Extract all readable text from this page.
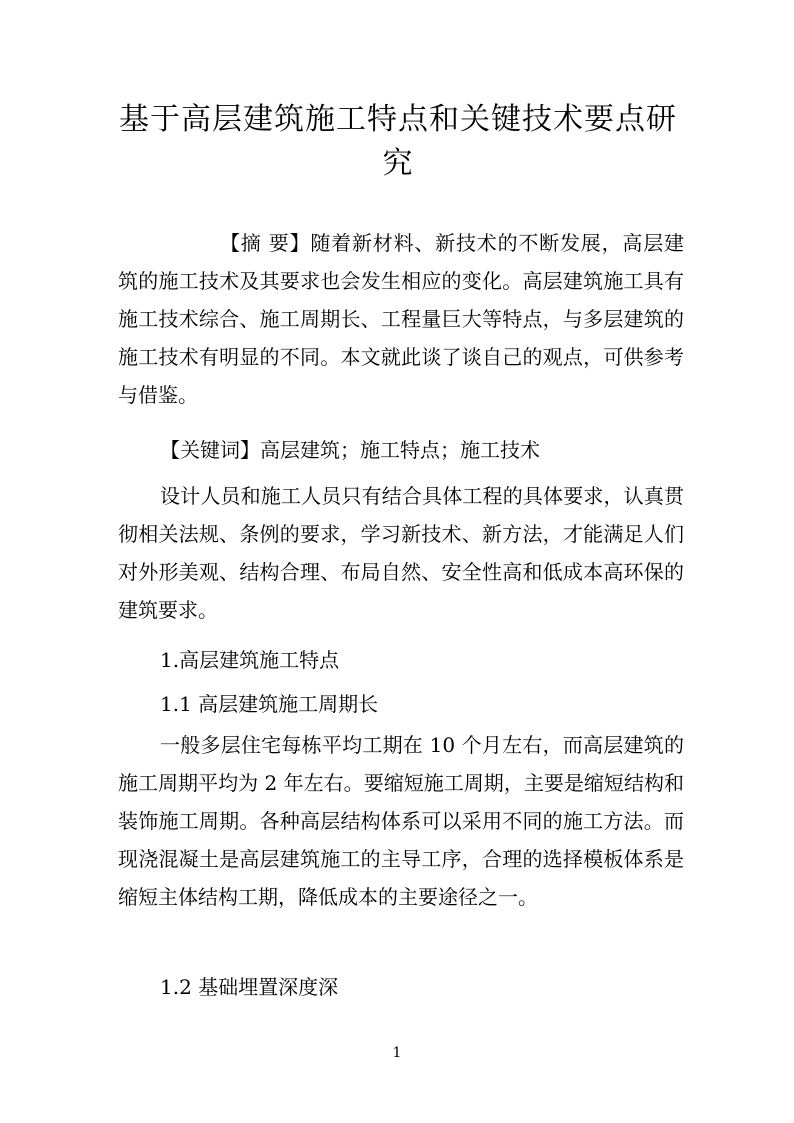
基于高层建筑施工特点和关键技术要点研究

【摘 要】随着新材料、新技术的不断发展，高层建筑的施工技术及其要求也会发生相应的变化。高层建筑施工具有施工技术综合、施工周期长、工程量巨大等特点，与多层建筑的施工技术有明显的不同。本文就此谈了谈自己的观点，可供参考与借鉴。

【关键词】高层建筑；施工特点；施工技术

设计人员和施工人员只有结合具体工程的具体要求，认真贯彻相关法规、条例的要求，学习新技术、新方法，才能满足人们对外形美观、结构合理、布局自然、安全性高和低成本高环保的建筑要求。

1.高层建筑施工特点

1.1 高层建筑施工周期长

一般多层住宅每栋平均工期在 10 个月左右，而高层建筑的施工周期平均为 2 年左右。要缩短施工周期，主要是缩短结构和装饰施工周期。各种高层结构体系可以采用不同的施工方法。而现浇混凝土是高层建筑施工的主导工序，合理的选择模板体系是缩短主体结构工期，降低成本的主要途径之一。

1.2 基础埋置深度深

1
